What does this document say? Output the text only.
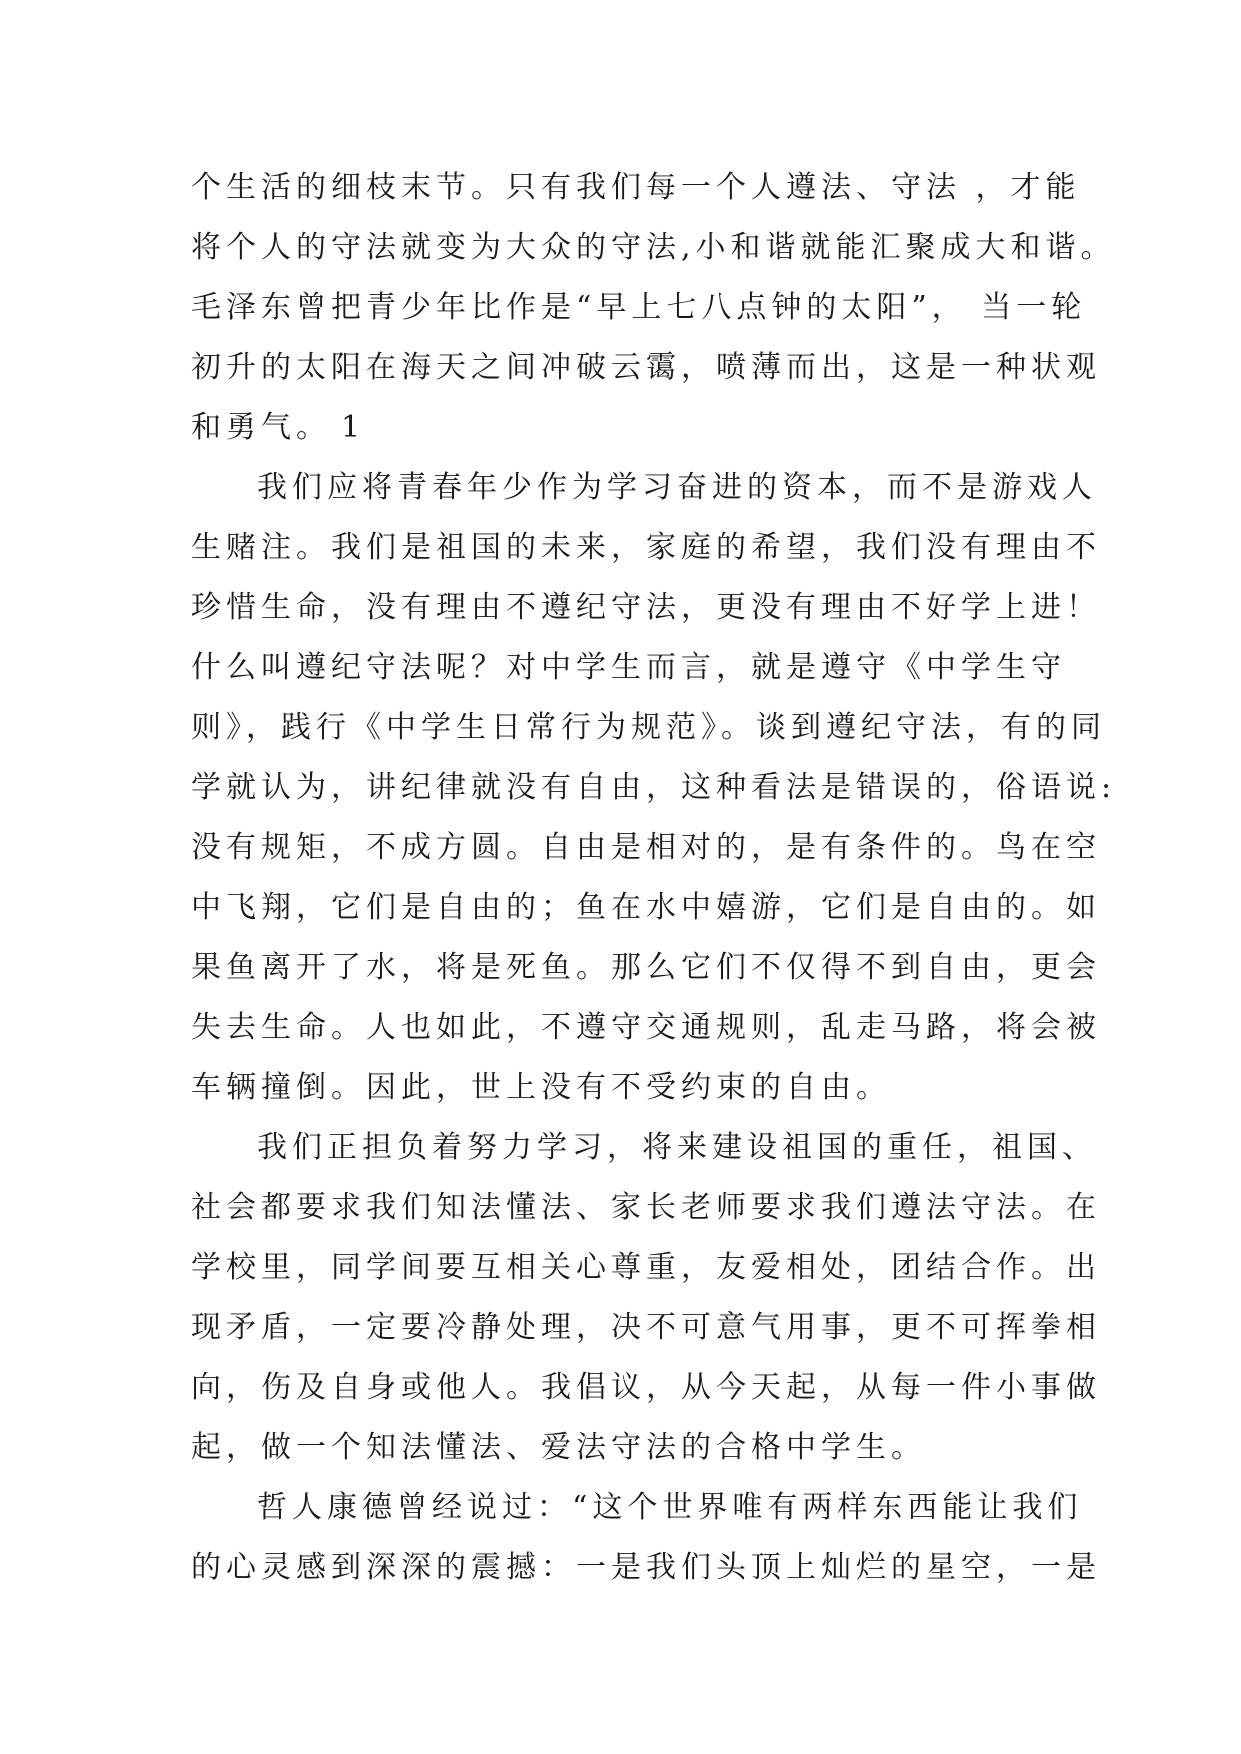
个生活的细枝末节。只有我们每一个人遵法、守法 ，才能
将个人的守法就变为大众的守法,小和谐就能汇聚成大和谐。
毛泽东曾把青少年比作是“早上七八点钟的太阳”， 当一轮
初升的太阳在海天之间冲破云霭，喷薄而出，这是一种状观
和勇气。 1
我们应将青春年少作为学习奋进的资本，而不是游戏人
生赌注。我们是祖国的未来，家庭的希望，我们没有理由不
珍惜生命，没有理由不遵纪守法，更没有理由不好学上进！
什么叫遵纪守法呢？对中学生而言，就是遵守《中学生守
则》，践行《中学生日常行为规范》。谈到遵纪守法，有的同
学就认为，讲纪律就没有自由，这种看法是错误的，俗语说:
没有规矩，不成方圆。自由是相对的，是有条件的。鸟在空
中飞翔，它们是自由的；鱼在水中嬉游，它们是自由的。如
果鱼离开了水，将是死鱼。那么它们不仅得不到自由，更会
失去生命。人也如此，不遵守交通规则，乱走马路，将会被
车辆撞倒。因此，世上没有不受约束的自由。
我们正担负着努力学习，将来建设祖国的重任，祖国、
社会都要求我们知法懂法、家长老师要求我们遵法守法。在
学校里，同学间要互相关心尊重，友爱相处，团结合作。出
现矛盾，一定要冷静处理，决不可意气用事，更不可挥拳相
向，伤及自身或他人。我倡议，从今天起，从每一件小事做
起，做一个知法懂法、爱法守法的合格中学生。
哲人康德曾经说过：“这个世界唯有两样东西能让我们
的心灵感到深深的震撼：一是我们头顶上灿烂的星空，一是
